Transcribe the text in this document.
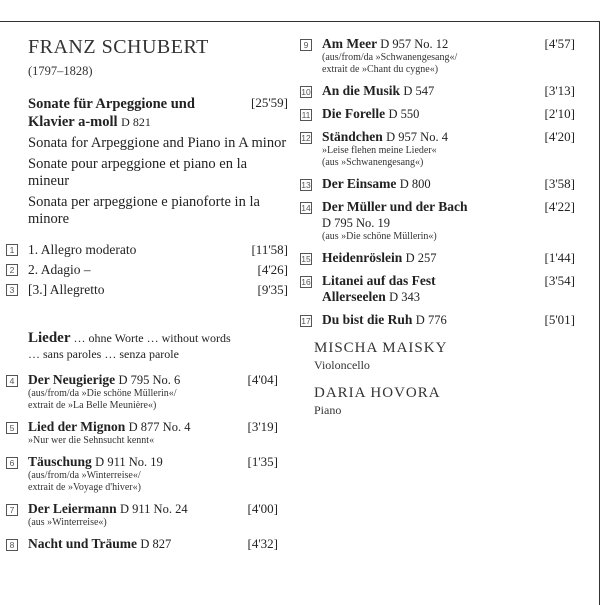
FRANZ SCHUBERT
(1797–1828)
Sonate für Arpeggione und Klavier a-moll D 821
[25'59]
Sonata for Arpeggione and Piano in A minor
Sonate pour arpeggione et piano en la mineur
Sonata per arpeggione e pianoforte in la minore
1 1. Allegro moderato	[11'58]
2 2. Adagio –	[4'26]
3 [3.] Allegretto	[9'35]
Lieder … ohne Worte … without words
… sans paroles … senza parole
4 Der Neugierige D 795 No. 6	[4'04]
(aus/from/da »Die schöne Müllerin«/
extrait de »La Belle Meunière«)
5 Lied der Mignon D 877 No. 4	[3'19]
»Nur wer die Sehnsucht kennt«
6 Täuschung D 911 No. 19	[1'35]
(aus/from/da »Winterreise«/
extrait de »Voyage d'hiver«)
7 Der Leiermann D 911 No. 24	[4'00]
(aus »Winterreise«)
8 Nacht und Träume D 827	[4'32]
9 Am Meer D 957 No. 12	[4'57]
(aus/from/da »Schwanengesang«/
extrait de »Chant du cygne«)
10 An die Musik D 547	[3'13]
11 Die Forelle D 550	[2'10]
12 Ständchen D 957 No. 4	[4'20]
»Leise flehen meine Lieder«
(aus »Schwanengesang«)
13 Der Einsame D 800	[3'58]
14 Der Müller und der Bach
D 795 No. 19
[4'22]
(aus »Die schöne Müllerin«)
15 Heidenröslein D 257	[1'44]
16 Litanei auf das Fest Allerseelen D 343
[3'54]
17 Du bist die Ruh D 776	[5'01]
MISCHA MAISKY
Violoncello
DARIA HOVORA
Piano
